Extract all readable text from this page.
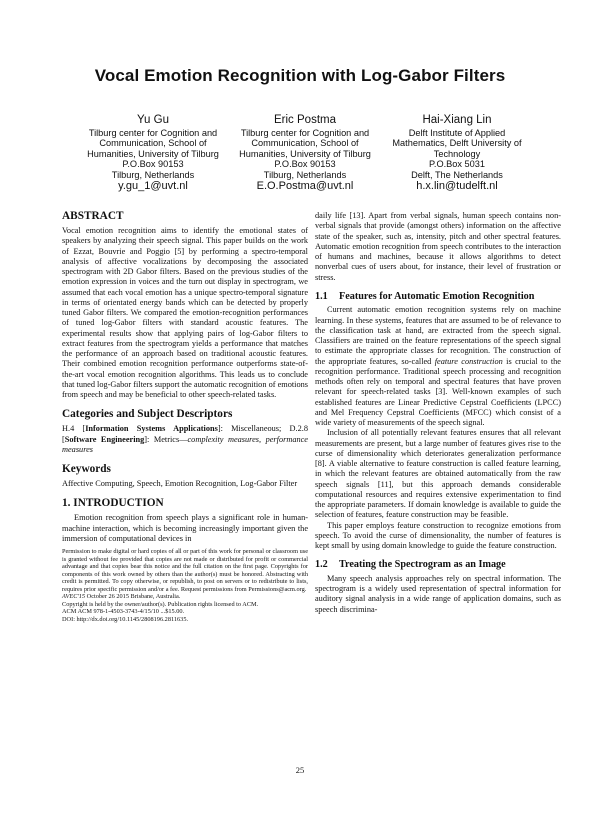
Vocal Emotion Recognition with Log-Gabor Filters
Yu Gu
Tilburg center for Cognition and Communication, School of Humanities, University of Tilburg
P.O.Box 90153
Tilburg, Netherlands
y.gu_1@uvt.nl
Eric Postma
Tilburg center for Cognition and Communication, School of Humanities, University of Tilburg
P.O.Box 90153
Tilburg, Netherlands
E.O.Postma@uvt.nl
Hai-Xiang Lin
Delft Institute of Applied Mathematics, Delft University of Technology
P.O.Box 5031
Delft, The Netherlands
h.x.lin@tudelft.nl
ABSTRACT

Vocal emotion recognition aims to identify the emotional states of speakers by analyzing their speech signal. This paper builds on the work of Ezzat, Bouvrie and Poggio [5] by performing a spectro-temporal analysis of affective vocalizations by decomposing the associated spectrogram with 2D Gabor filters. Based on the previous studies of the emotion expression in voices and the turn out display in spectrogram, we assumed that each vocal emotion has a unique spectro-temporal signature in terms of orientated energy bands which can be detected by properly tuned Gabor filters. We compared the emotion-recognition performances of tuned log-Gabor filters with standard acoustic features. The experimental results show that applying pairs of log-Gabor filters to extract features from the spectrogram yields a performance that matches the performance of an approach based on traditional acoustic features. Their combined emotion recognition performance outperforms state-of-the-art vocal emotion recognition algorithms. This leads us to conclude that tuned log-Gabor filters support the automatic recognition of emotions from speech and may be beneficial to other speech-related tasks.

Categories and Subject Descriptors

H.4 [Information Systems Applications]: Miscellaneous; D.2.8 [Software Engineering]: Metrics—complexity measures, performance measures

Keywords

Affective Computing, Speech, Emotion Recognition, Log-Gabor Filter

1. INTRODUCTION

Emotion recognition from speech plays a significant role in human-machine interaction, which is becoming increasingly important given the immersion of computational devices in

Permission to make digital or hard copies of all or part of this work for personal or classroom use is granted without fee provided that copies are not made or distributed for profit or commercial advantage and that copies bear this notice and the full citation on the first page. Copyrights for components of this work owned by others than the author(s) must be honored. Abstracting with credit is permitted. To copy otherwise, or republish, to post on servers or to redistribute to lists, requires prior specific permission and/or a fee. Request permissions from Permissions@acm.org.
AVEC'15 October 26 2015 Brisbane, Australia.
Copyright is held by the owner/author(s). Publication rights licensed to ACM.
ACM ACM 978-1-4503-3743-4/15/10 ...$15.00.
DOI: http://dx.doi.org/10.1145/2808196.2811635.

daily life [13]. Apart from verbal signals, human speech contains non-verbal signals that provide (amongst others) information on the affective state of the speaker, such as, intensity, pitch and other spectral features. Automatic emotion recognition from speech contributes to the interaction of humans and machines, because it allows algorithms to detect nonverbal cues of users about, for instance, their level of frustration or stress.

1.1	Features for Automatic Emotion Recognition

Current automatic emotion recognition systems rely on machine learning. In these systems, features that are assumed to be of relevance to the classification task at hand, are extracted from the speech signal. Classifiers are trained on the feature representations of the speech signal to estimate the appropriate classes for recognition. The construction of the appropriate features, so-called feature construction is crucial to the recognition performance. Traditional speech processing and recognition methods often rely on temporal and spectral features that have proven relevant for speech-related tasks [3]. Well-known examples of such established features are Linear Predictive Cepstral Coefficients (LPCC) and Mel Frequency Cepstral Coefficients (MFCC) which consist of a wide variety of measurements of the speech signal.

Inclusion of all potentially relevant features ensures that all relevant measurements are present, but a large number of features gives rise to the curse of dimensionality which deteriorates generalization performance [8]. A viable alternative to feature construction is called feature learning, in which the relevant features are obtained automatically from the raw speech signals [11], but this approach demands considerable computational resources and requires extensive experimentation to find the appropriate parameters. If domain knowledge is available to guide the selection of features, feature construction may be feasible.

This paper employs feature construction to recognize emotions from speech. To avoid the curse of dimensionality, the number of features is kept small by using domain knowledge to guide the feature construction.

1.2	Treating the Spectrogram as an Image

Many speech analysis approaches rely on spectral information. The spectrogram is a widely used representation of spectral information for auditory signal analysis in a wide range of application domains, such as speech discrimina-

25
